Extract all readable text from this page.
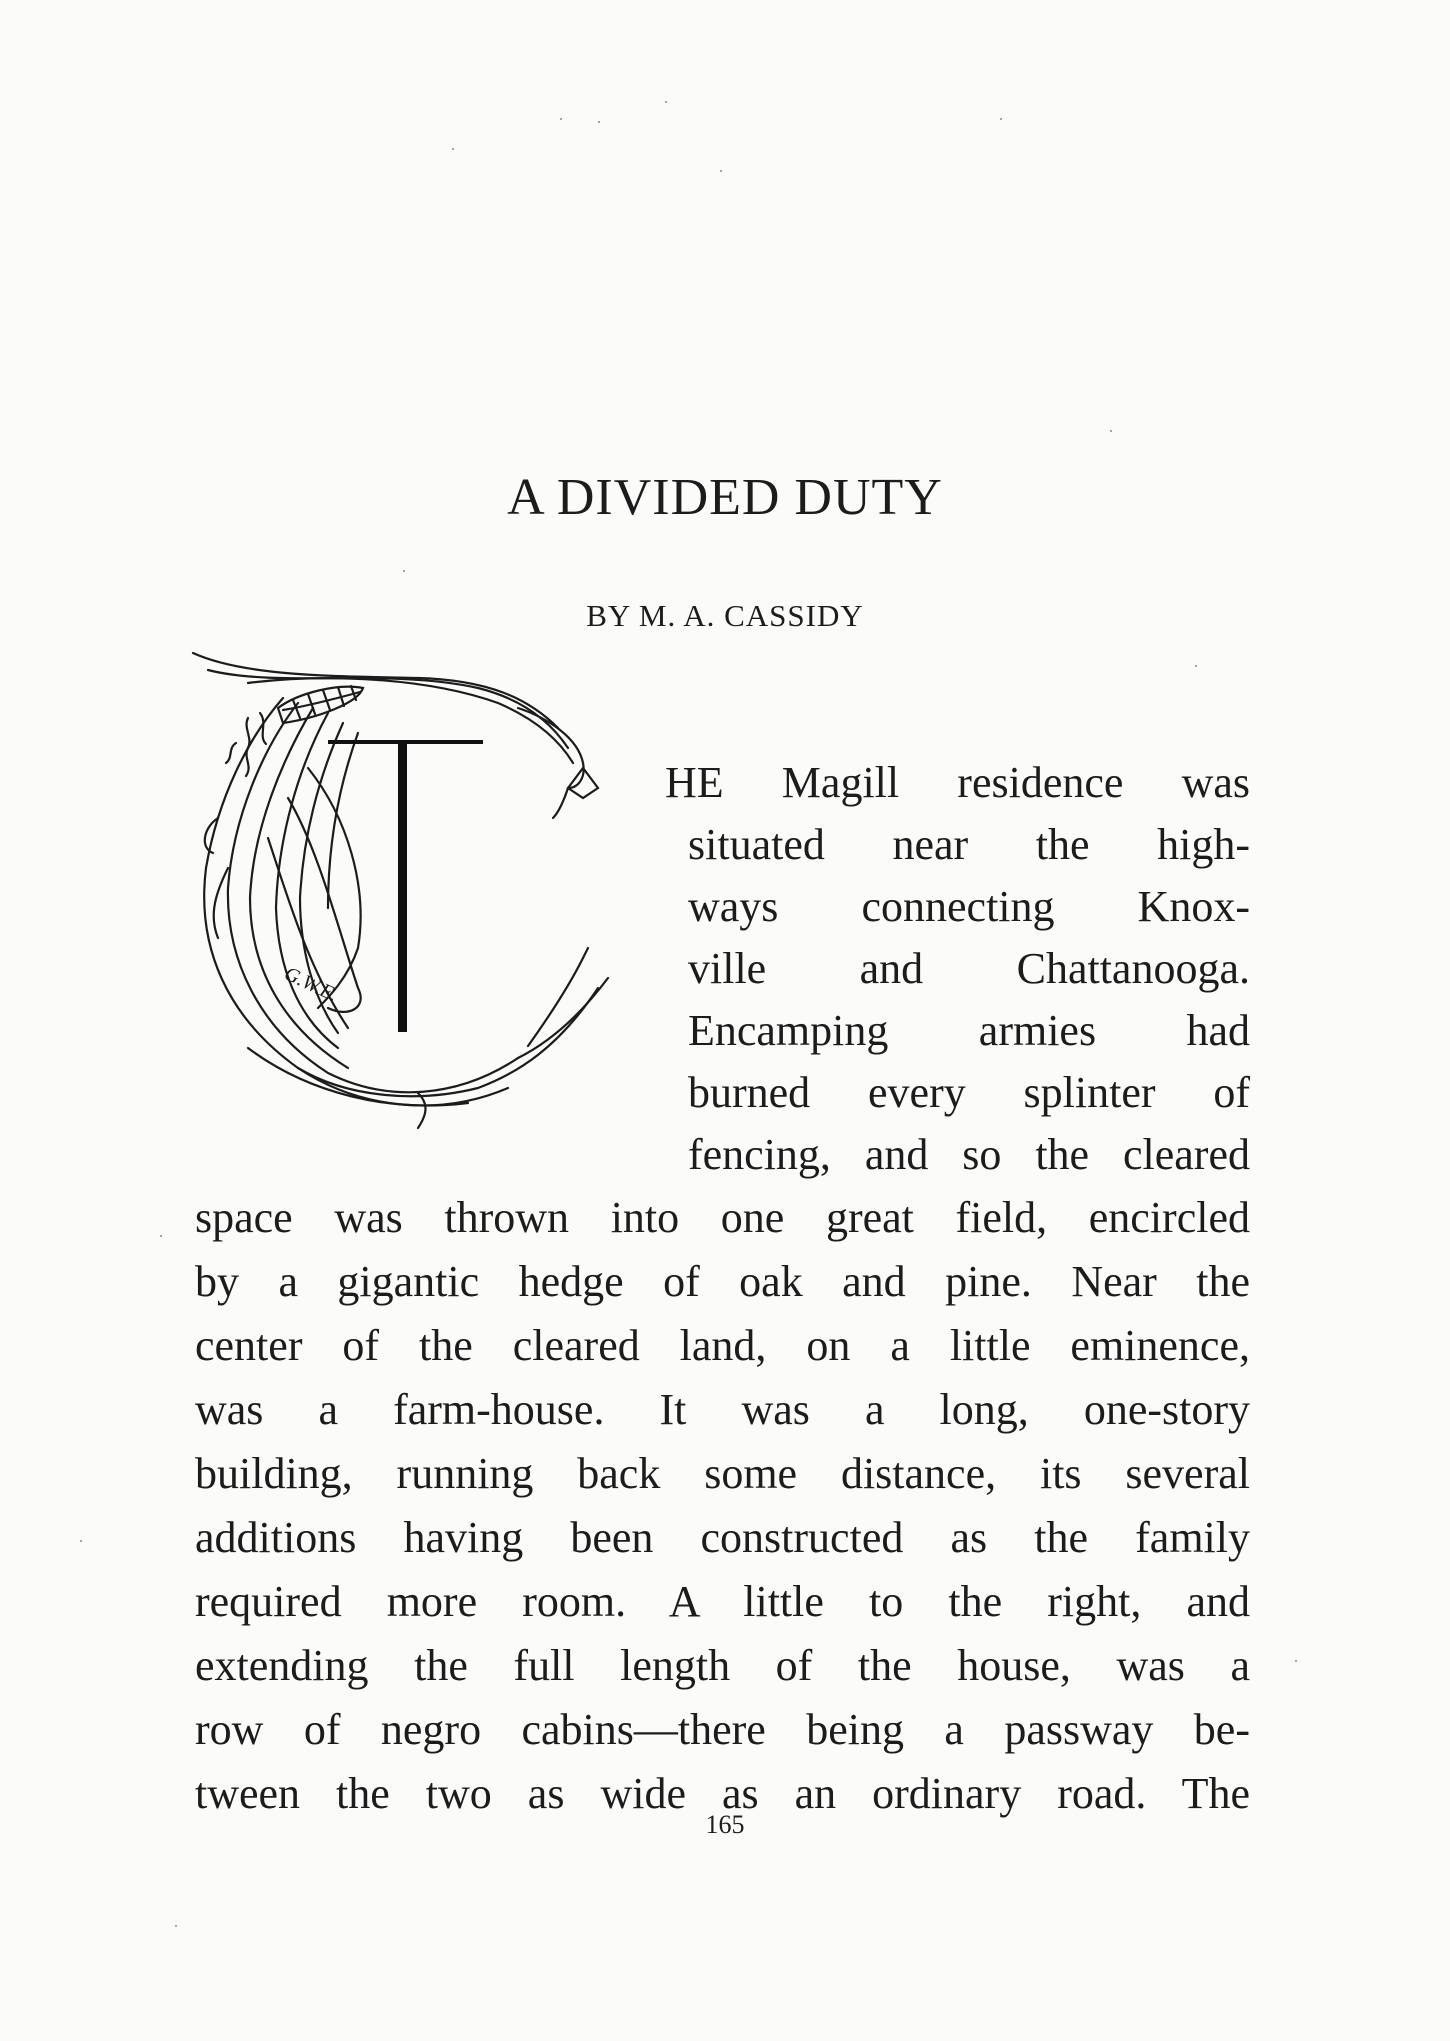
A DIVIDED DUTY

BY M. A. CASSIDY

G.W.E.
HE Magill residence was
situated near the high-
ways connecting Knox-
ville and Chattanooga.
Encamping armies had
burned every splinter of
fencing, and so the cleared
space was thrown into one great field, encircled
by a gigantic hedge of oak and pine. Near the
center of the cleared land, on a little eminence,
was a farm-house. It was a long, one-story
building, running back some distance, its several
additions having been constructed as the family
required more room. A little to the right, and
extending the full length of the house, was a
row of negro cabins—there being a passway be-
tween the two as wide as an ordinary road. The
165
